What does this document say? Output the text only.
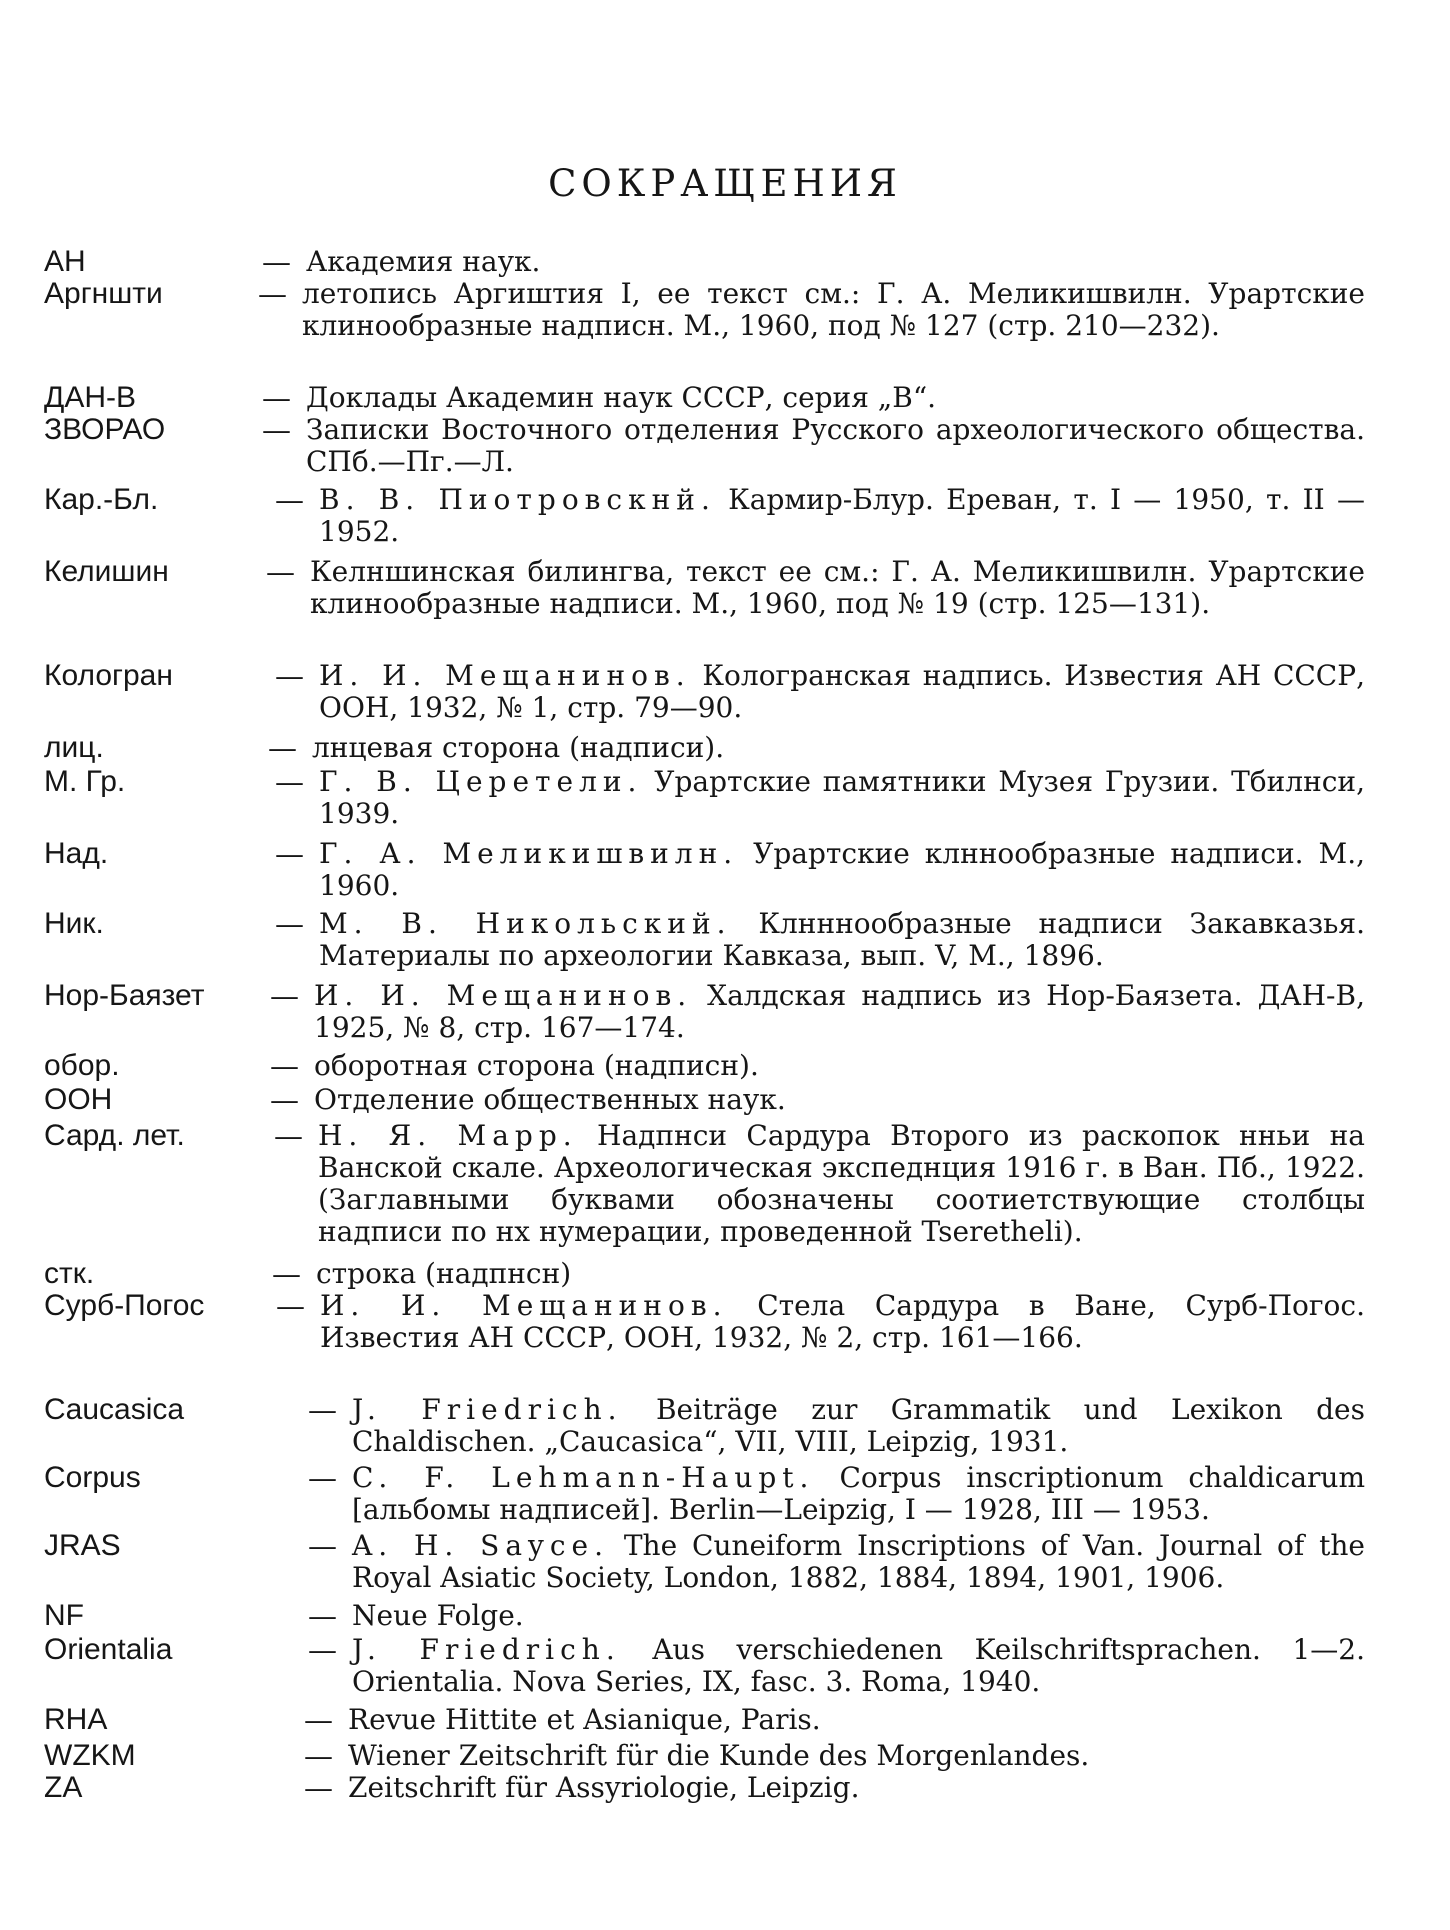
СОКРАЩЕНИЯ
АН	— Академия наук.
Аргншти	— летопись Аргиштия I, ее текст см.: Г. А. Меликишвилн. Урартские клинообразные надписн. М., 1960, под № 127 (стр. 210—232).
ДАН-В	— Доклады Академин наук СССР, серия „В“.
ЗВОРАО	— Записки Восточного отделения Русского археологического общества. СПб.—Пг.—Л.
Кар.-Бл.	— В. В. Пиотровскнй. Кармир-Блур. Ереван, т. I — 1950, т. II — 1952.
Келишин	— Келншинская билингва, текст ее см.: Г. А. Меликишвилн. Урартские клинообразные надписи. М., 1960, под № 19 (стр. 125—131).
Кологран	— И. И. Мещанинов. Кологранская надпись. Известия АН СССР, ООН, 1932, № 1, стр. 79—90.
лиц.	— лнцевая сторона (надписи).
М. Гр.	— Г. В. Церетели. Урартские памятники Музея Грузии. Тбилнси, 1939.
Над.	— Г. А. Меликишвилн. Урартские клннообразные надписи. М., 1960.
Ник.	— М. В. Никольский. Клнннообразные надписи Закавказья. Материалы по археологии Кавказа, вып. V, М., 1896.
Нор-Баязет — И. И. Мещанинов. Халдская надпись из Нор-Баязета. ДАН-В, 1925, № 8, стр. 167—174.
обор.	— оборотная сторона (надписн).
ООН	— Отделение общественных наук.
Сард. лет.	— Н. Я. Марр. Надпнси Сардура Второго из раскопок нньи на Ванской скале. Археологическая экспеднция 1916 г. в Ван. Пб., 1922. (Заглавными буквами обозначены соотиетствующие столбцы надписи по нх нумерации, проведенной Tseretheli).
стк.	— строка (надпнсн)
Сурб-Погос — И. И. Мещанинов. Стела Сардура в Ване, Сурб-Погос. Известия АН СССР, ООН, 1932, № 2, стр. 161—166.
Caucasica	— J. Friedrich. Beiträge zur Grammatik und Lexikon des Chaldischen. „Caucasica“, VII, VIII, Leipzig, 1931.
Corpus	— C. F. Lehmann-Haupt. Corpus inscriptionum chaldicarum [альбомы надписей]. Berlin—Leipzig, I — 1928, III — 1953.
JRAS	— A. H. Sayce. The Cuneiform Inscriptions of Van. Journal of the Royal Asiatic Society, London, 1882, 1884, 1894, 1901, 1906.
NF	— Neue Folge.
Orientalia	— J. Friedrich. Aus verschiedenen Keilschriftsprachen. 1—2. Orientalia. Nova Series, IX, fasc. 3. Roma, 1940.
RHA	— Revue Hittite et Asianique, Paris.
WZKM	— Wiener Zeitschrift für die Kunde des Morgenlandes.
ZA	— Zeitschrift für Assyriologie, Leipzig.
